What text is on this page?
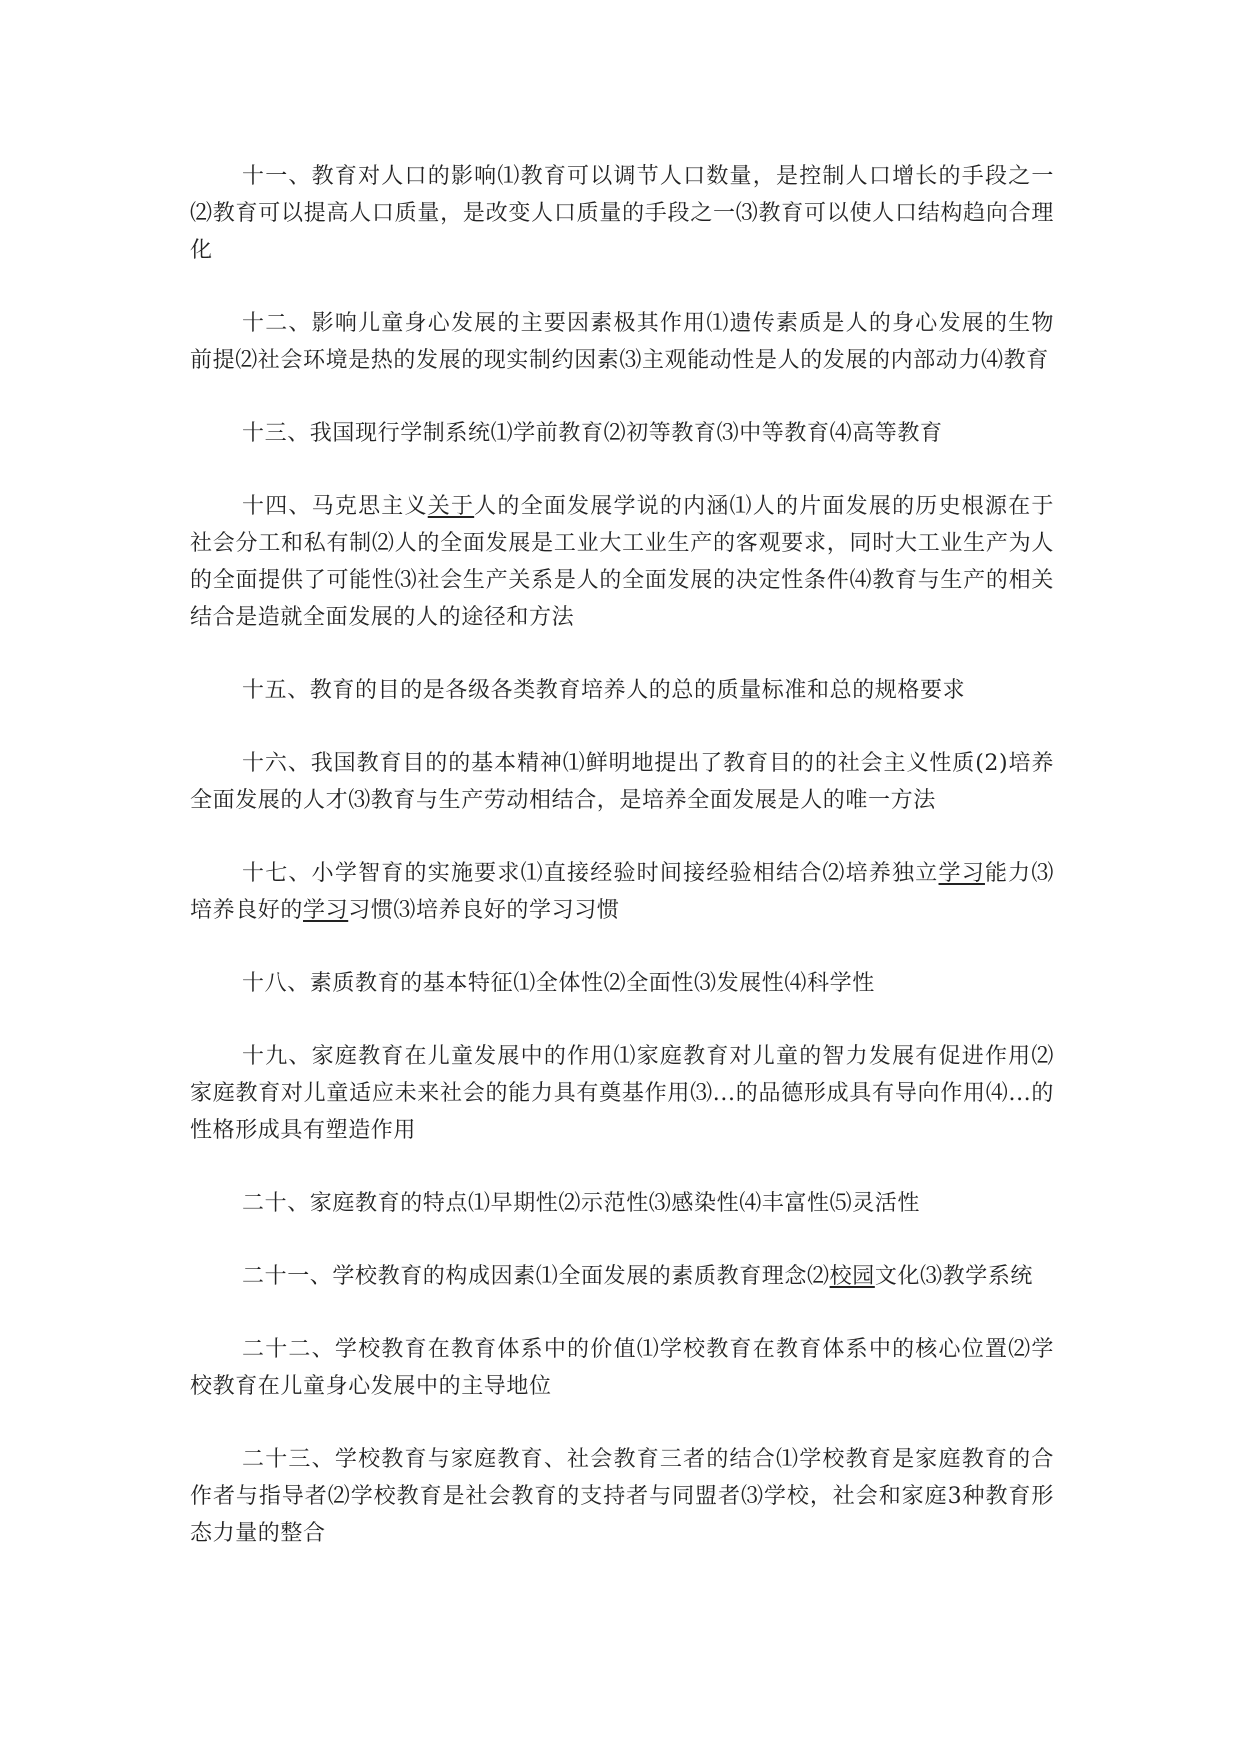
十一、教育对人口的影响⑴教育可以调节人口数量，是控制人口增长的手段之一⑵教育可以提高人口质量，是改变人口质量的手段之一⑶教育可以使人口结构趋向合理化

十二、影响儿童身心发展的主要因素极其作用⑴遗传素质是人的身心发展的生物前提⑵社会环境是热的发展的现实制约因素⑶主观能动性是人的发展的内部动力⑷教育

十三、我国现行学制系统⑴学前教育⑵初等教育⑶中等教育⑷高等教育

十四、马克思主义关于人的全面发展学说的内涵⑴人的片面发展的历史根源在于社会分工和私有制⑵人的全面发展是工业大工业生产的客观要求，同时大工业生产为人的全面提供了可能性⑶社会生产关系是人的全面发展的决定性条件⑷教育与生产的相关结合是造就全面发展的人的途径和方法

十五、教育的目的是各级各类教育培养人的总的质量标准和总的规格要求

十六、我国教育目的的基本精神⑴鲜明地提出了教育目的的社会主义性质(2)培养全面发展的人才⑶教育与生产劳动相结合，是培养全面发展是人的唯一方法

十七、小学智育的实施要求⑴直接经验时间接经验相结合⑵培养独立学习能力⑶培养良好的学习习惯⑶培养良好的学习习惯

十八、素质教育的基本特征⑴全体性⑵全面性⑶发展性⑷科学性

十九、家庭教育在儿童发展中的作用⑴家庭教育对儿童的智力发展有促进作用⑵家庭教育对儿童适应未来社会的能力具有奠基作用⑶...的品德形成具有导向作用⑷...的性格形成具有塑造作用

二十、家庭教育的特点⑴早期性⑵示范性⑶感染性⑷丰富性⑸灵活性

二十一、学校教育的构成因素⑴全面发展的素质教育理念⑵校园文化⑶教学系统

二十二、学校教育在教育体系中的价值⑴学校教育在教育体系中的核心位置⑵学校教育在儿童身心发展中的主导地位

二十三、学校教育与家庭教育、社会教育三者的结合⑴学校教育是家庭教育的合作者与指导者⑵学校教育是社会教育的支持者与同盟者⑶学校，社会和家庭3种教育形态力量的整合
